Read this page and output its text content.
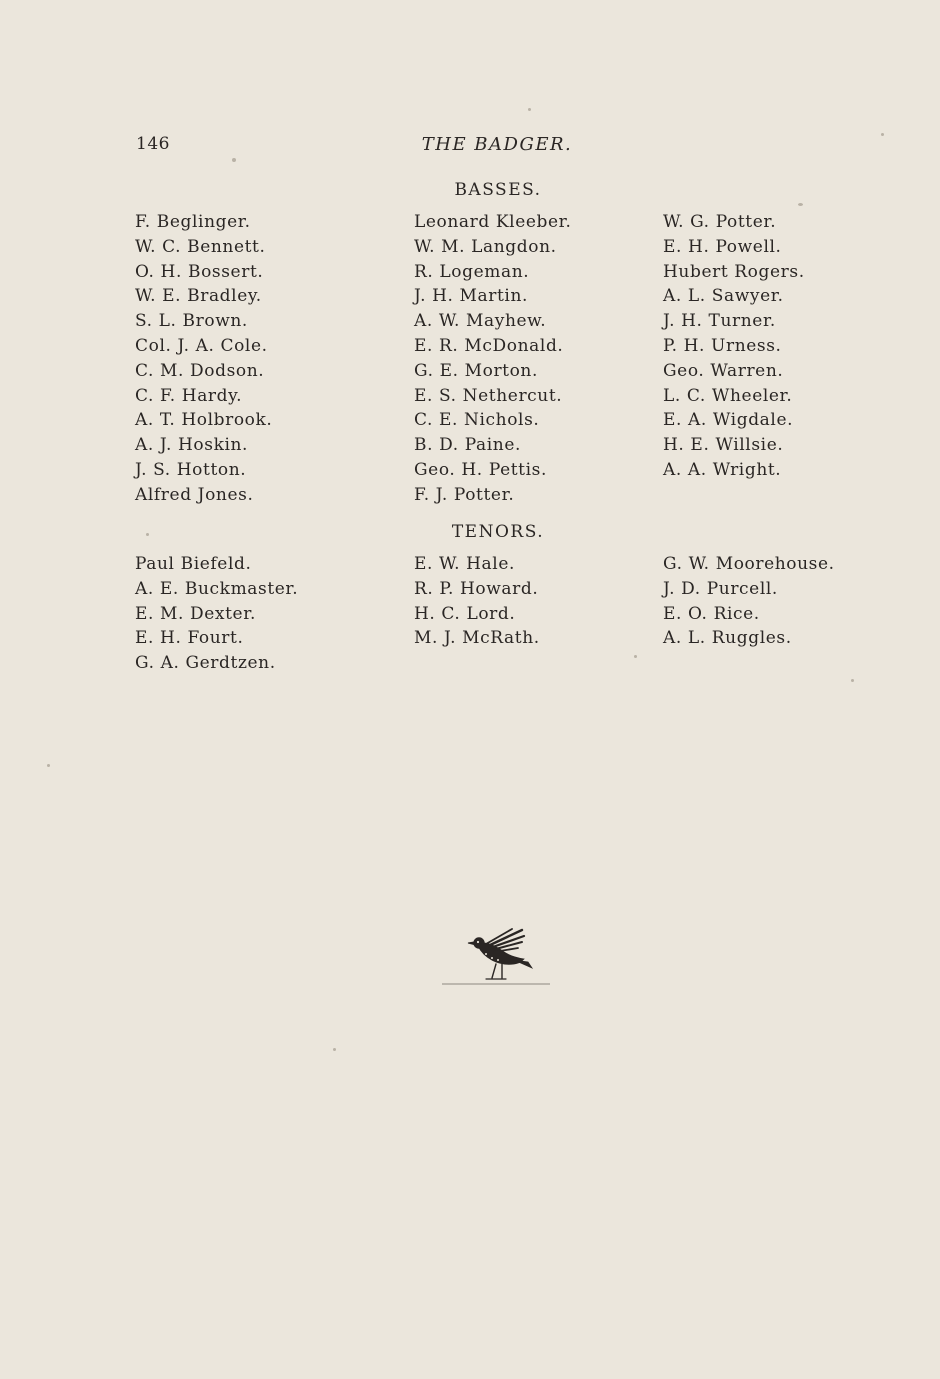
146	THE BADGER.
BASSES.
F. Beglinger.
W. C. Bennett.
O. H. Bossert.
W. E. Bradley.
S. L. Brown.
Col. J. A. Cole.
C. M. Dodson.
C. F. Hardy.
A. T. Holbrook.
A. J. Hoskin.
J. S. Hotton.
Alfred Jones.
Leonard Kleeber.
W. M. Langdon.
R. Logeman.
J. H. Martin.
A. W. Mayhew.
E. R. McDonald.
G. E. Morton.
E. S. Nethercut.
C. E. Nichols.
B. D. Paine.
Geo. H. Pettis.
F. J. Potter.
W. G. Potter.
E. H. Powell.
Hubert Rogers.
A. L. Sawyer.
J. H. Turner.
P. H. Urness.
Geo. Warren.
L. C. Wheeler.
E. A. Wigdale.
H. E. Willsie.
A. A. Wright.
TENORS.
Paul Biefeld.
A. E. Buckmaster.
E. M. Dexter.
E. H. Fourt.
G. A. Gerdtzen.
E. W. Hale.
R. P. Howard.
H. C. Lord.
M. J. McRath.
G. W. Moorehouse.
J. D. Purcell.
E. O. Rice.
A. L. Ruggles.
